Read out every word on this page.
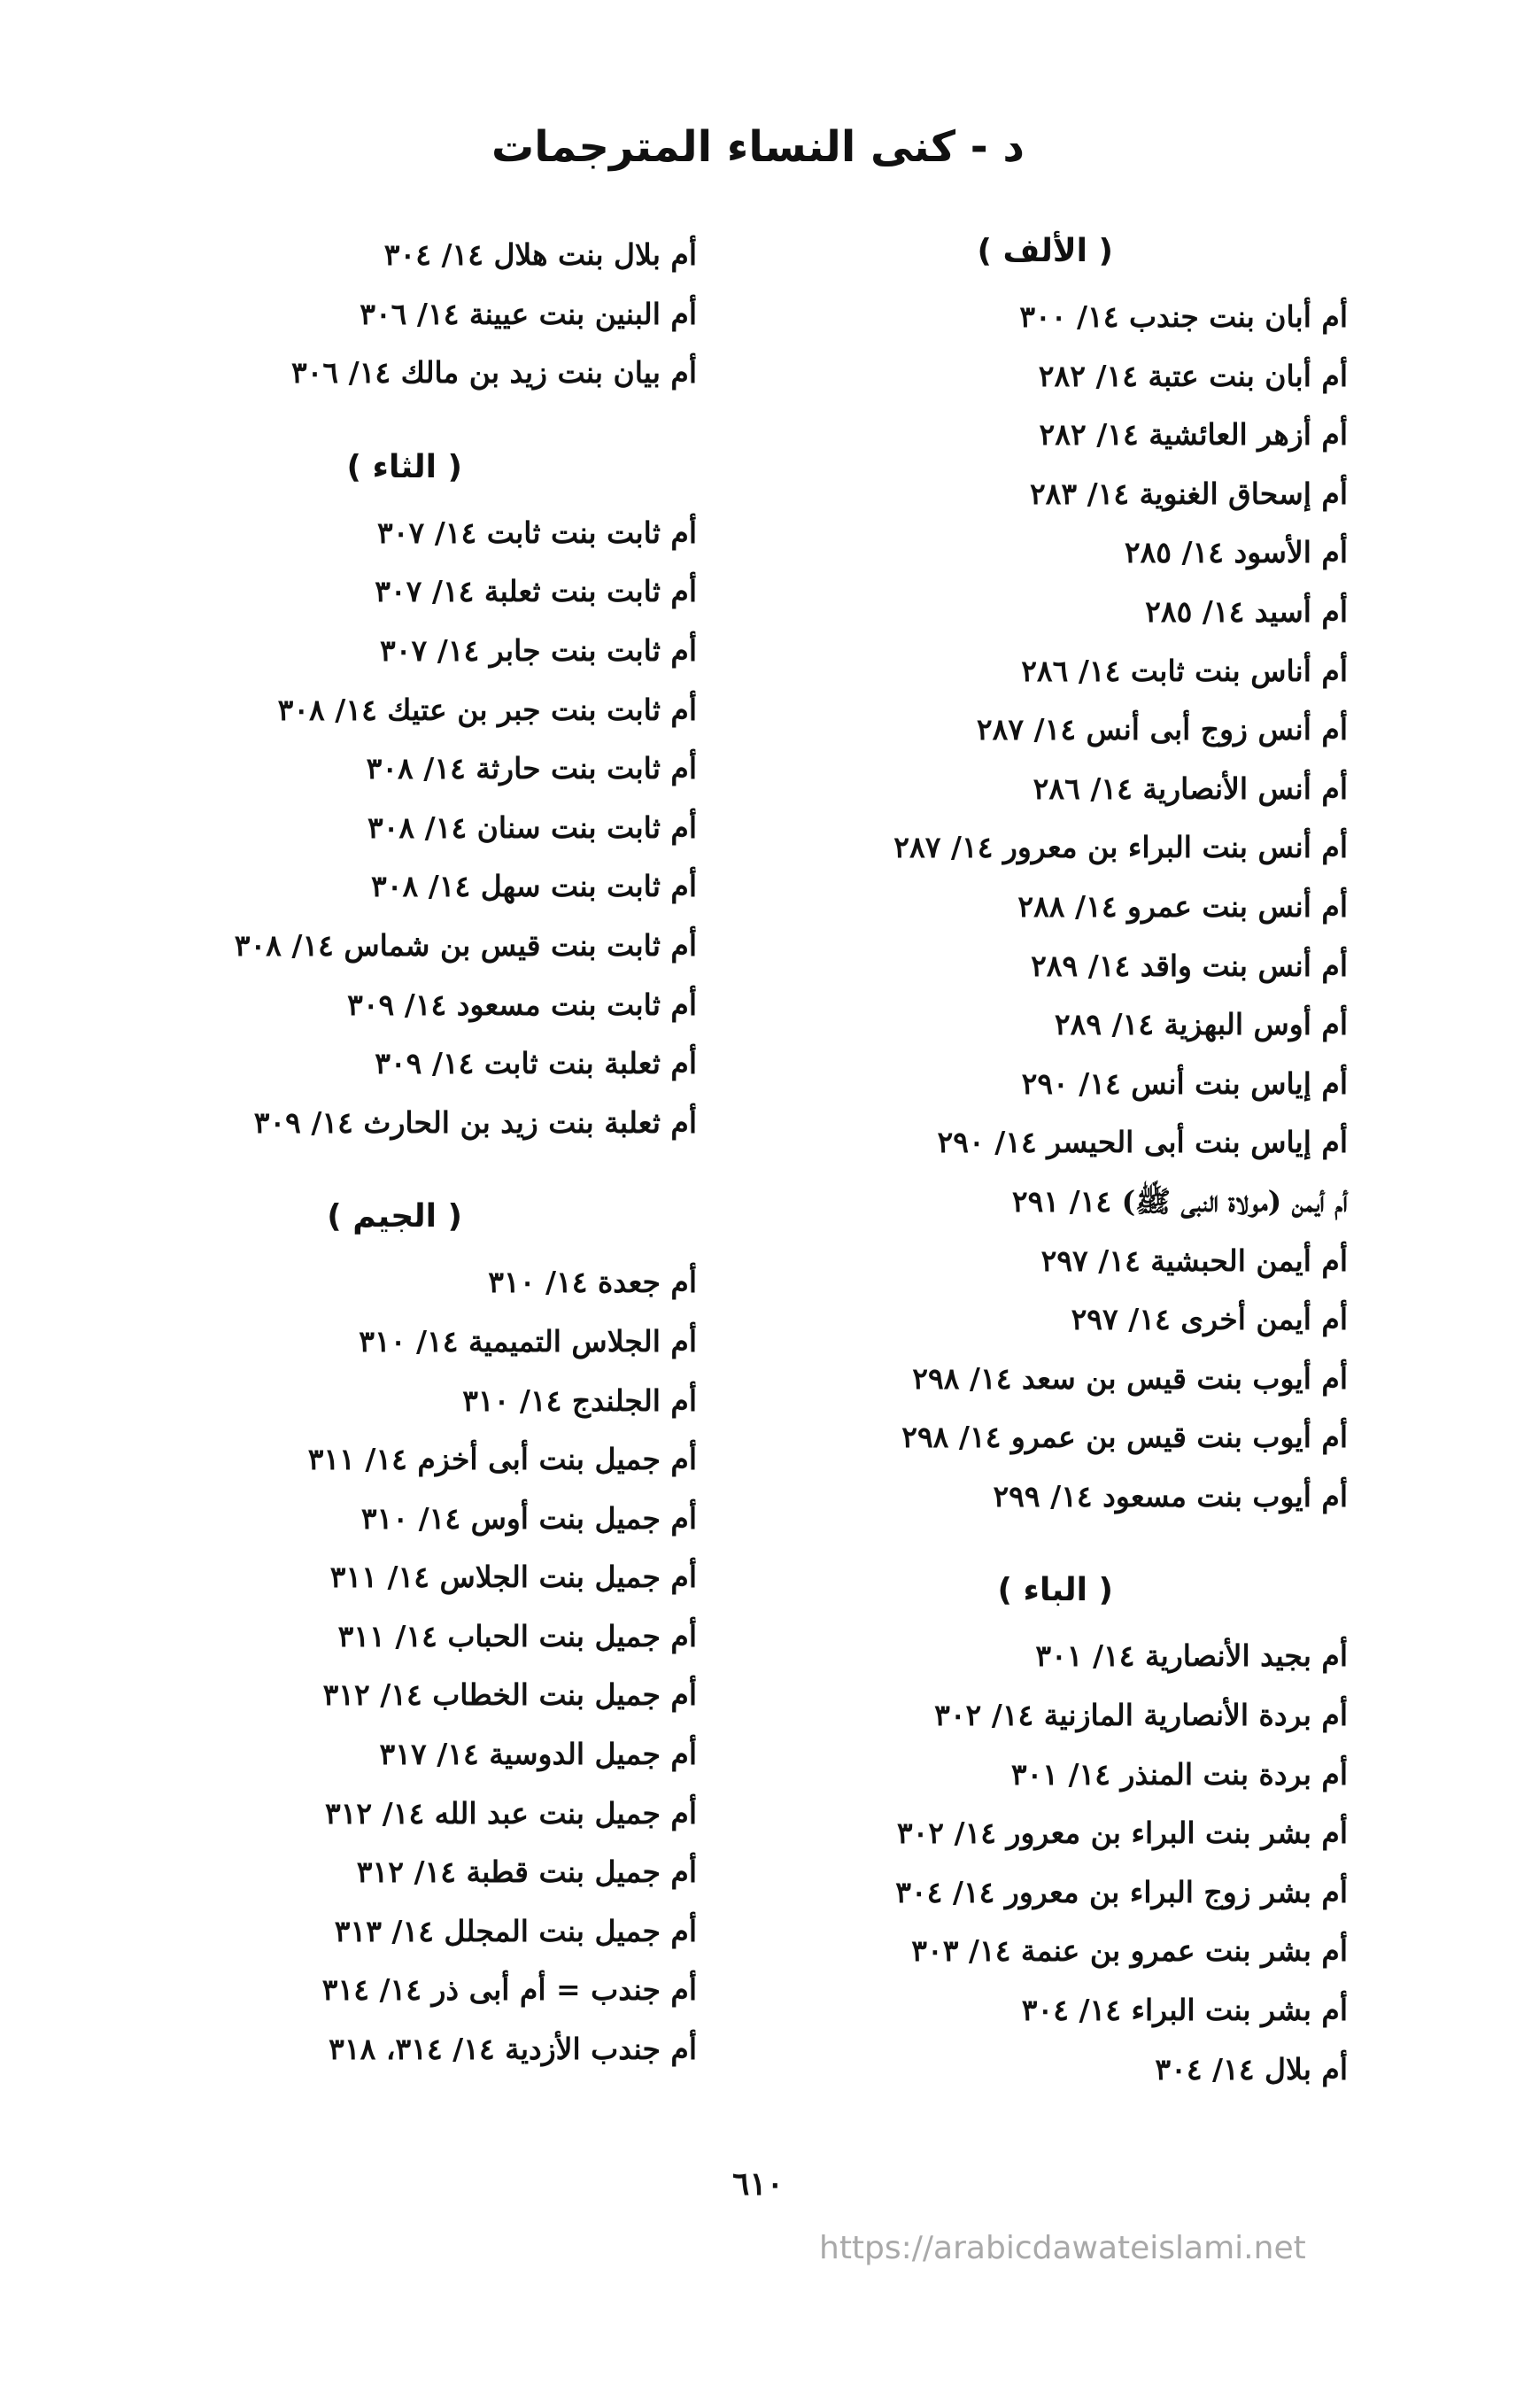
د - كنى النساء المترجمات
( الألف )
أم أبان بنت جندب ١٤/ ٣٠٠
أم أبان بنت عتبة ١٤/ ٢٨٢
أم أزهر العائشية ١٤/ ٢٨٢
أم إسحاق الغنوية ١٤/ ٢٨٣
أم الأسود ١٤/ ٢٨٥
أم أسيد ١٤/ ٢٨٥
أم أناس بنت ثابت ١٤/ ٢٨٦
أم أنس زوج أبى أنس ١٤/ ٢٨٧
أم أنس الأنصارية ١٤/ ٢٨٦
أم أنس بنت البراء بن معرور ١٤/ ٢٨٧
أم أنس بنت عمرو ١٤/ ٢٨٨
أم أنس بنت واقد ١٤/ ٢٨٩
أم أوس البهزية ١٤/ ٢٨٩
أم إياس بنت أنس ١٤/ ٢٩٠
أم إياس بنت أبى الحيسر ١٤/ ٢٩٠
أم أيمن (مولاة النبى ﷺ) ١٤/ ٢٩١
أم أيمن الحبشية ١٤/ ٢٩٧
أم أيمن أخرى ١٤/ ٢٩٧
أم أيوب بنت قيس بن سعد ١٤/ ٢٩٨
أم أيوب بنت قيس بن عمرو ١٤/ ٢٩٨
أم أيوب بنت مسعود ١٤/ ٢٩٩
( الباء )
أم بجيد الأنصارية ١٤/ ٣٠١
أم بردة الأنصارية المازنية ١٤/ ٣٠٢
أم بردة بنت المنذر ١٤/ ٣٠١
أم بشر بنت البراء بن معرور ١٤/ ٣٠٢
أم بشر زوج البراء بن معرور ١٤/ ٣٠٤
أم بشر بنت عمرو بن عنمة ١٤/ ٣٠٣
أم بشر بنت البراء ١٤/ ٣٠٤
أم بلال ١٤/ ٣٠٤
أم بلال بنت هلال ١٤/ ٣٠٤
أم البنين بنت عيينة ١٤/ ٣٠٦
أم بيان بنت زيد بن مالك ١٤/ ٣٠٦
( الثاء )
أم ثابت بنت ثابت ١٤/ ٣٠٧
أم ثابت بنت ثعلبة ١٤/ ٣٠٧
أم ثابت بنت جابر ١٤/ ٣٠٧
أم ثابت بنت جبر بن عتيك ١٤/ ٣٠٨
أم ثابت بنت حارثة ١٤/ ٣٠٨
أم ثابت بنت سنان ١٤/ ٣٠٨
أم ثابت بنت سهل ١٤/ ٣٠٨
أم ثابت بنت قيس بن شماس ١٤/ ٣٠٨
أم ثابت بنت مسعود ١٤/ ٣٠٩
أم ثعلبة بنت ثابت ١٤/ ٣٠٩
أم ثعلبة بنت زيد بن الحارث ١٤/ ٣٠٩
( الجيم )
أم جعدة ١٤/ ٣١٠
أم الجلاس التميمية ١٤/ ٣١٠
أم الجلندج ١٤/ ٣١٠
أم جميل بنت أبى أخزم ١٤/ ٣١١
أم جميل بنت أوس ١٤/ ٣١٠
أم جميل بنت الجلاس ١٤/ ٣١١
أم جميل بنت الحباب ١٤/ ٣١١
أم جميل بنت الخطاب ١٤/ ٣١٢
أم جميل الدوسية ١٤/ ٣١٧
أم جميل بنت عبد الله ١٤/ ٣١٢
أم جميل بنت قطبة ١٤/ ٣١٢
أم جميل بنت المجلل ١٤/ ٣١٣
أم جندب = أم أبى ذر ١٤/ ٣١٤
أم جندب الأزدية ١٤/ ٣١٤، ٣١٨
٦١٠
https://arabicdawateislami.net
